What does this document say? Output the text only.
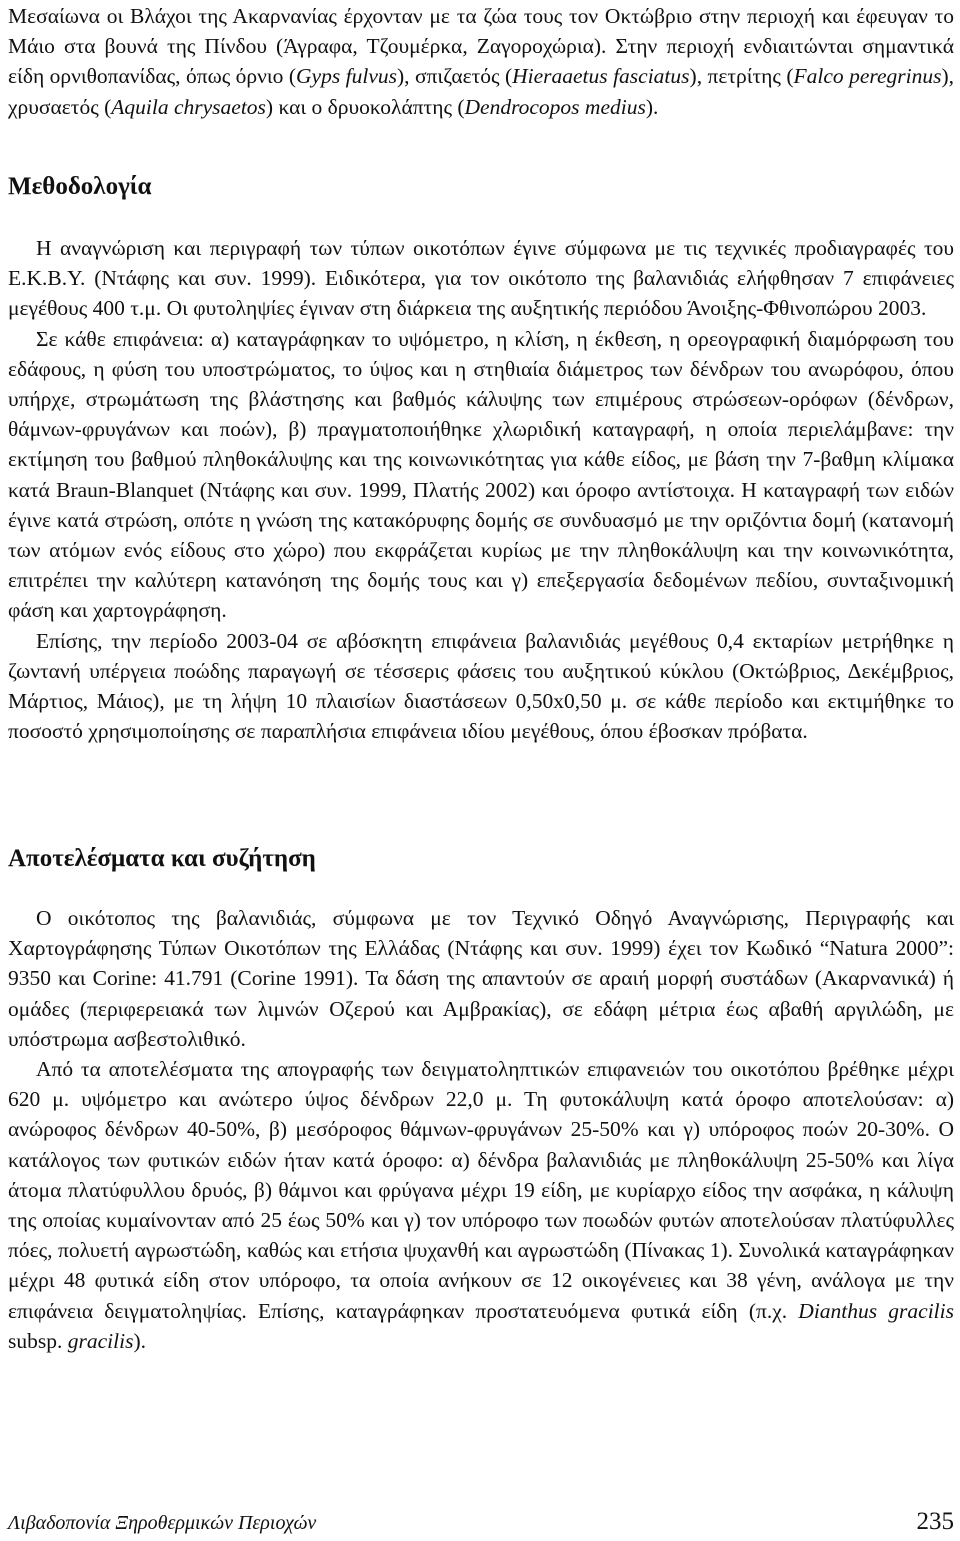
Μεσαίωνα οι Βλάχοι της Ακαρνανίας έρχονταν με τα ζώα τους τον Οκτώβριο στην περιοχή και έφευγαν το Μάιο στα βουνά της Πίνδου (Άγραφα, Τζουμέρκα, Ζαγοροχώρια). Στην περιοχή ενδιαιτώνται σημαντικά είδη ορνιθοπανίδας, όπως όρνιο (Gyps fulvus), σπιζαετός (Hieraaetus fasciatus), πετρίτης (Falco peregrinus), χρυσαετός (Aquila chrysaetos) και ο δρυοκολάπτης (Dendrocopos medius).

Μεθοδολογία

Η αναγνώριση και περιγραφή των τύπων οικοτόπων έγινε σύμφωνα με τις τεχνικές προδιαγραφές του Ε.Κ.Β.Υ. (Ντάφης και συν. 1999). Ειδικότερα, για τον οικότοπο της βαλανιδιάς ελήφθησαν 7 επιφάνειες μεγέθους 400 τ.μ. Οι φυτοληψίες έγιναν στη διάρκεια της αυξητικής περιόδου Άνοιξης-Φθινοπώρου 2003.

Σε κάθε επιφάνεια: α) καταγράφηκαν το υψόμετρο, η κλίση, η έκθεση, η ορεογραφική διαμόρφωση του εδάφους, η φύση του υποστρώματος, το ύψος και η στηθιαία διάμετρος των δένδρων του ανωρόφου, όπου υπήρχε, στρωμάτωση της βλάστησης και βαθμός κάλυψης των επιμέρους στρώσεων-ορόφων (δένδρων, θάμνων-φρυγάνων και ποών), β) πραγματοποιήθηκε χλωριδική καταγραφή, η οποία περιελάμβανε: την εκτίμηση του βαθμού πληθοκάλυψης και της κοινωνικότητας για κάθε είδος, με βάση την 7-βαθμη κλίμακα κατά Braun-Blanquet (Ντάφης και συν. 1999, Πλατής 2002) και όροφο αντίστοιχα. Η καταγραφή των ειδών έγινε κατά στρώση, οπότε η γνώση της κατακόρυφης δομής σε συνδυασμό με την οριζόντια δομή (κατανομή των ατόμων ενός είδους στο χώρο) που εκφράζεται κυρίως με την πληθοκάλυψη και την κοινωνικότητα, επιτρέπει την καλύτερη κατανόηση της δομής τους και γ) επεξεργασία δεδομένων πεδίου, συνταξινομική φάση και χαρτογράφηση.

Επίσης, την περίοδο 2003-04 σε αβόσκητη επιφάνεια βαλανιδιάς μεγέθους 0,4 εκταρίων μετρήθηκε η ζωντανή υπέργεια ποώδης παραγωγή σε τέσσερις φάσεις του αυξητικού κύκλου (Οκτώβριος, Δεκέμβριος, Μάρτιος, Μάιος), με τη λήψη 10 πλαισίων διαστάσεων 0,50x0,50 μ. σε κάθε περίοδο και εκτιμήθηκε το ποσοστό χρησιμοποίησης σε παραπλήσια επιφάνεια ιδίου μεγέθους, όπου έβοσκαν πρόβατα.

Αποτελέσματα και συζήτηση

Ο οικότοπος της βαλανιδιάς, σύμφωνα με τον Τεχνικό Οδηγό Αναγνώρισης, Περιγραφής και Χαρτογράφησης Τύπων Οικοτόπων της Ελλάδας (Ντάφης και συν. 1999) έχει τον Κωδικό “Natura 2000”: 9350 και Corine: 41.791 (Corine 1991). Τα δάση της απαντούν σε αραιή μορφή συστάδων (Ακαρνανικά) ή ομάδες (περιφερειακά των λιμνών Οζερού και Αμβρακίας), σε εδάφη μέτρια έως αβαθή αργιλώδη, με υπόστρωμα ασβεστολιθικό.

Από τα αποτελέσματα της απογραφής των δειγματοληπτικών επιφανειών του οικοτόπου βρέθηκε μέχρι 620 μ. υψόμετρο και ανώτερο ύψος δένδρων 22,0 μ. Τη φυτοκάλυψη κατά όροφο αποτελούσαν: α) ανώροφος δένδρων 40-50%, β) μεσόροφος θάμνων-φρυγάνων 25-50% και γ) υπόροφος ποών 20-30%. Ο κατάλογος των φυτικών ειδών ήταν κατά όροφο: α) δένδρα βαλανιδιάς με πληθοκάλυψη 25-50% και λίγα άτομα πλατύφυλλου δρυός, β) θάμνοι και φρύγανα μέχρι 19 είδη, με κυρίαρχο είδος την ασφάκα, η κάλυψη της οποίας κυμαίνονταν από 25 έως 50% και γ) τον υπόροφο των ποωδών φυτών αποτελούσαν πλατύφυλλες πόες, πολυετή αγρωστώδη, καθώς και ετήσια ψυχανθή και αγρωστώδη (Πίνακας 1). Συνολικά καταγράφηκαν μέχρι 48 φυτικά είδη στον υπόροφο, τα οποία ανήκουν σε 12 οικογένειες και 38 γένη, ανάλογα με την επιφάνεια δειγματοληψίας. Επίσης, καταγράφηκαν προστατευόμενα φυτικά είδη (π.χ. Dianthus gracilis subsp. gracilis).

Λιβαδοπονία Ξηροθερμικών Περιοχών	235
